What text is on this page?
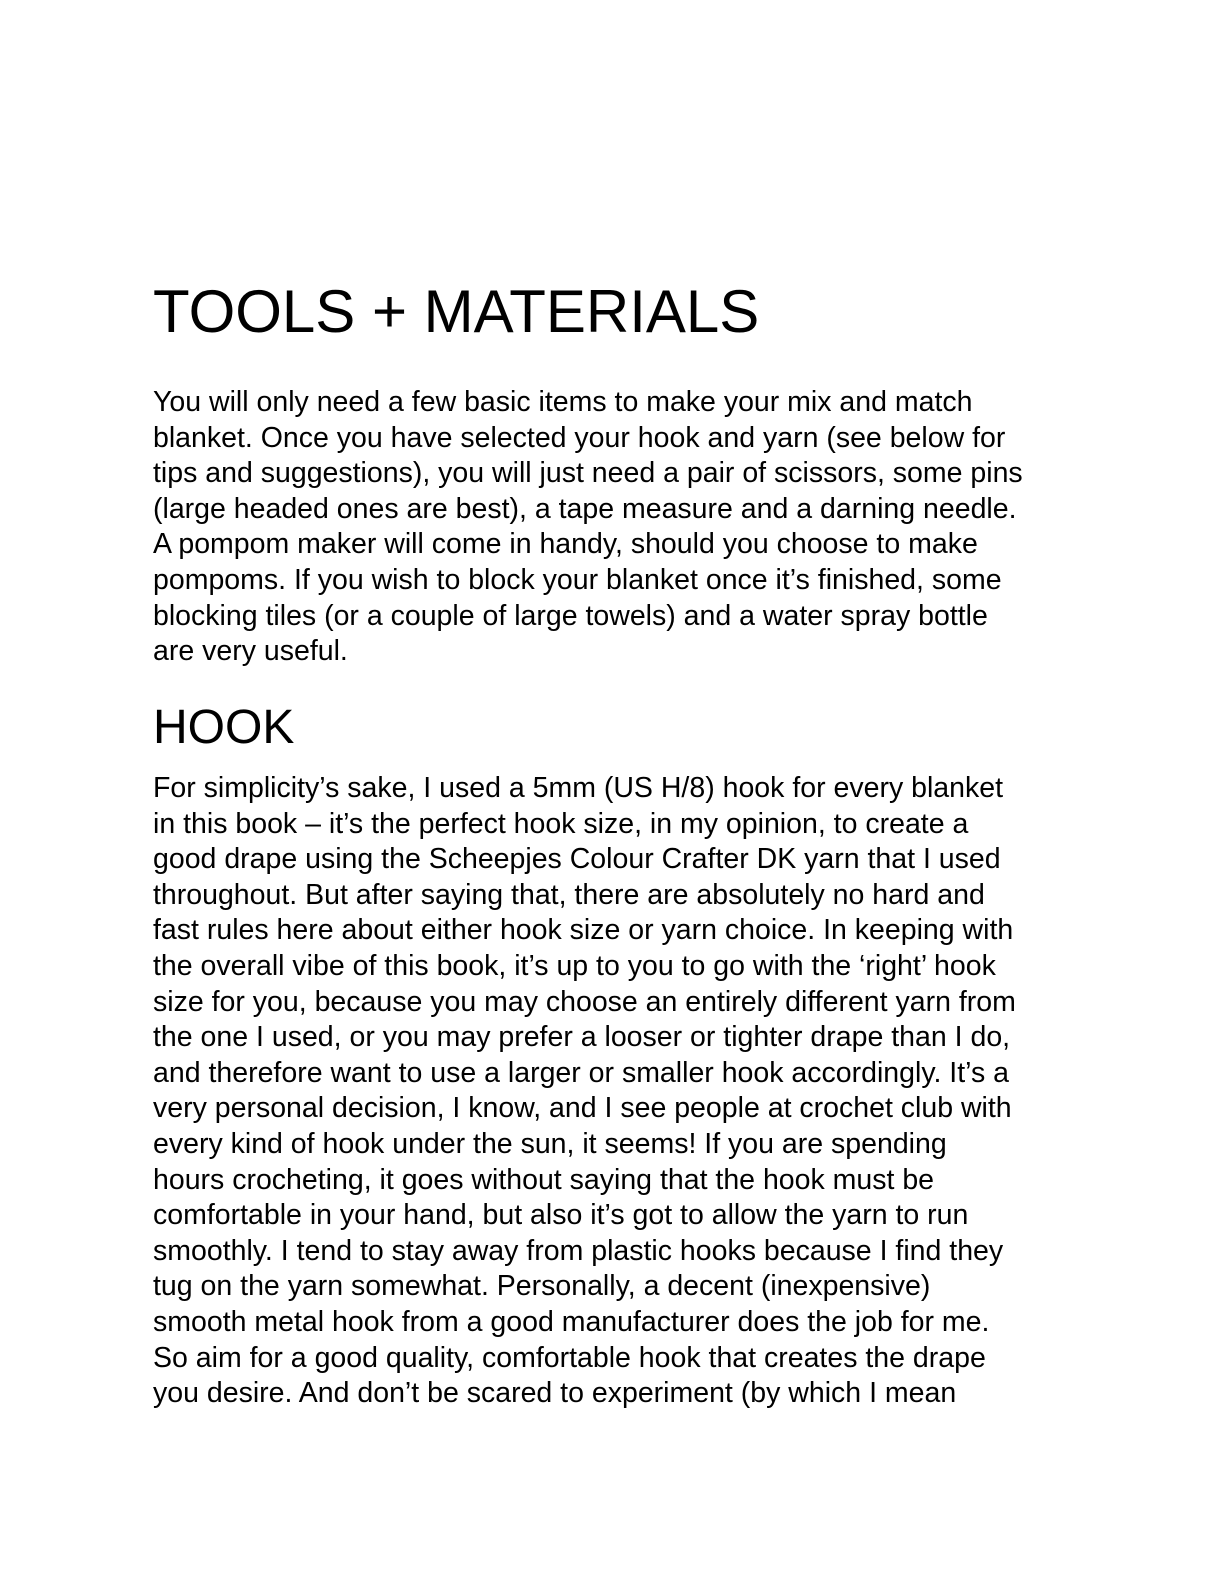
TOOLS + MATERIALS

You will only need a few basic items to make your mix and match
blanket. Once you have selected your hook and yarn (see below for
tips and suggestions), you will just need a pair of scissors, some pins
(large headed ones are best), a tape measure and a darning needle.
A pompom maker will come in handy, should you choose to make
pompoms. If you wish to block your blanket once it’s finished, some
blocking tiles (or a couple of large towels) and a water spray bottle
are very useful.

HOOK

For simplicity’s sake, I used a 5mm (US H/8) hook for every blanket
in this book – it’s the perfect hook size, in my opinion, to create a
good drape using the Scheepjes Colour Crafter DK yarn that I used
throughout. But after saying that, there are absolutely no hard and
fast rules here about either hook size or yarn choice. In keeping with
the overall vibe of this book, it’s up to you to go with the ‘right’ hook
size for you, because you may choose an entirely different yarn from
the one I used, or you may prefer a looser or tighter drape than I do,
and therefore want to use a larger or smaller hook accordingly. It’s a
very personal decision, I know, and I see people at crochet club with
every kind of hook under the sun, it seems! If you are spending
hours crocheting, it goes without saying that the hook must be
comfortable in your hand, but also it’s got to allow the yarn to run
smoothly. I tend to stay away from plastic hooks because I find they
tug on the yarn somewhat. Personally, a decent (inexpensive)
smooth metal hook from a good manufacturer does the job for me.
So aim for a good quality, comfortable hook that creates the drape
you desire. And don’t be scared to experiment (by which I mean
